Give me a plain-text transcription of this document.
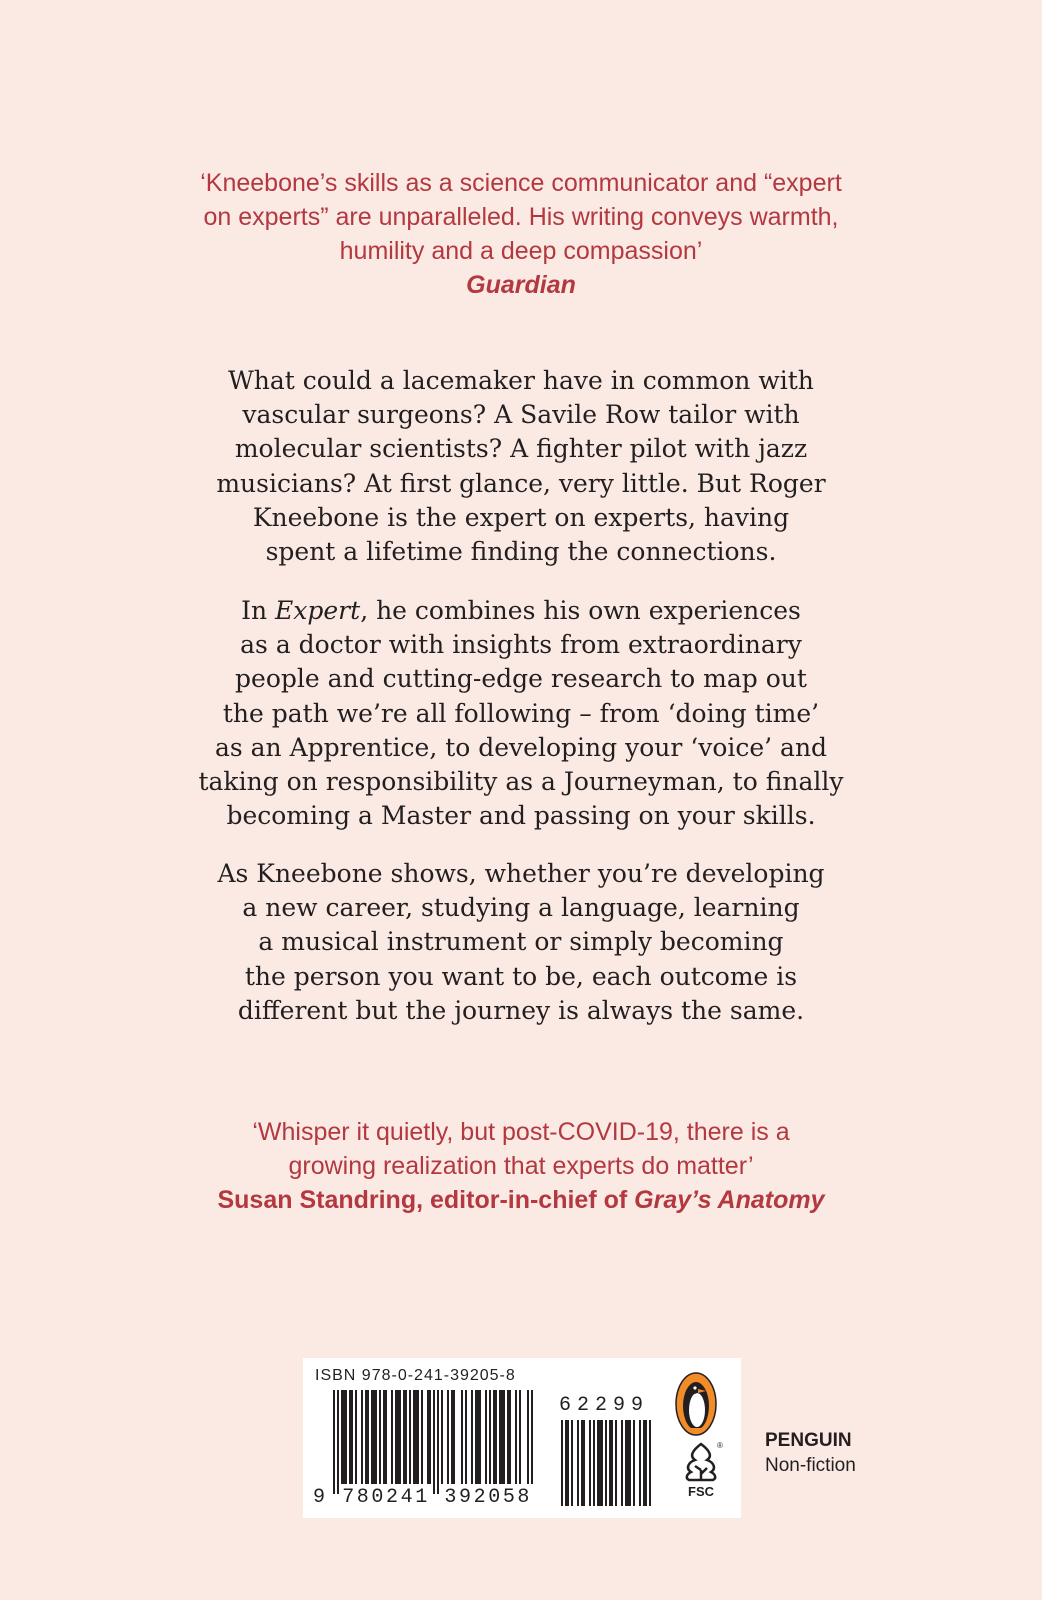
‘Kneebone’s skills as a science communicator and “expert
on experts” are unparalleled. His writing conveys warmth,
humility and a deep compassion’
Guardian
What could a lacemaker have in common with
vascular surgeons? A Savile Row tailor with
molecular scientists? A fighter pilot with jazz
musicians? At first glance, very little. But Roger
Kneebone is the expert on experts, having
spent a lifetime finding the connections.
In Expert, he combines his own experiences
as a doctor with insights from extraordinary
people and cutting-edge research to map out
the path we’re all following – from ‘doing time’
as an Apprentice, to developing your ‘voice’ and
taking on responsibility as a Journeyman, to finally
becoming a Master and passing on your skills.
As Kneebone shows, whether you’re developing
a new career, studying a language, learning
a musical instrument or simply becoming
the person you want to be, each outcome is
different but the journey is always the same.
‘Whisper it quietly, but post-COVID-19, there is a
growing realization that experts do matter’
Susan Standring, editor-in-chief of Gray’s Anatomy
ISBN 978-0-241-39205-8
9 780241 392058
62299
FSC
® PENGUIN
Non-fiction
